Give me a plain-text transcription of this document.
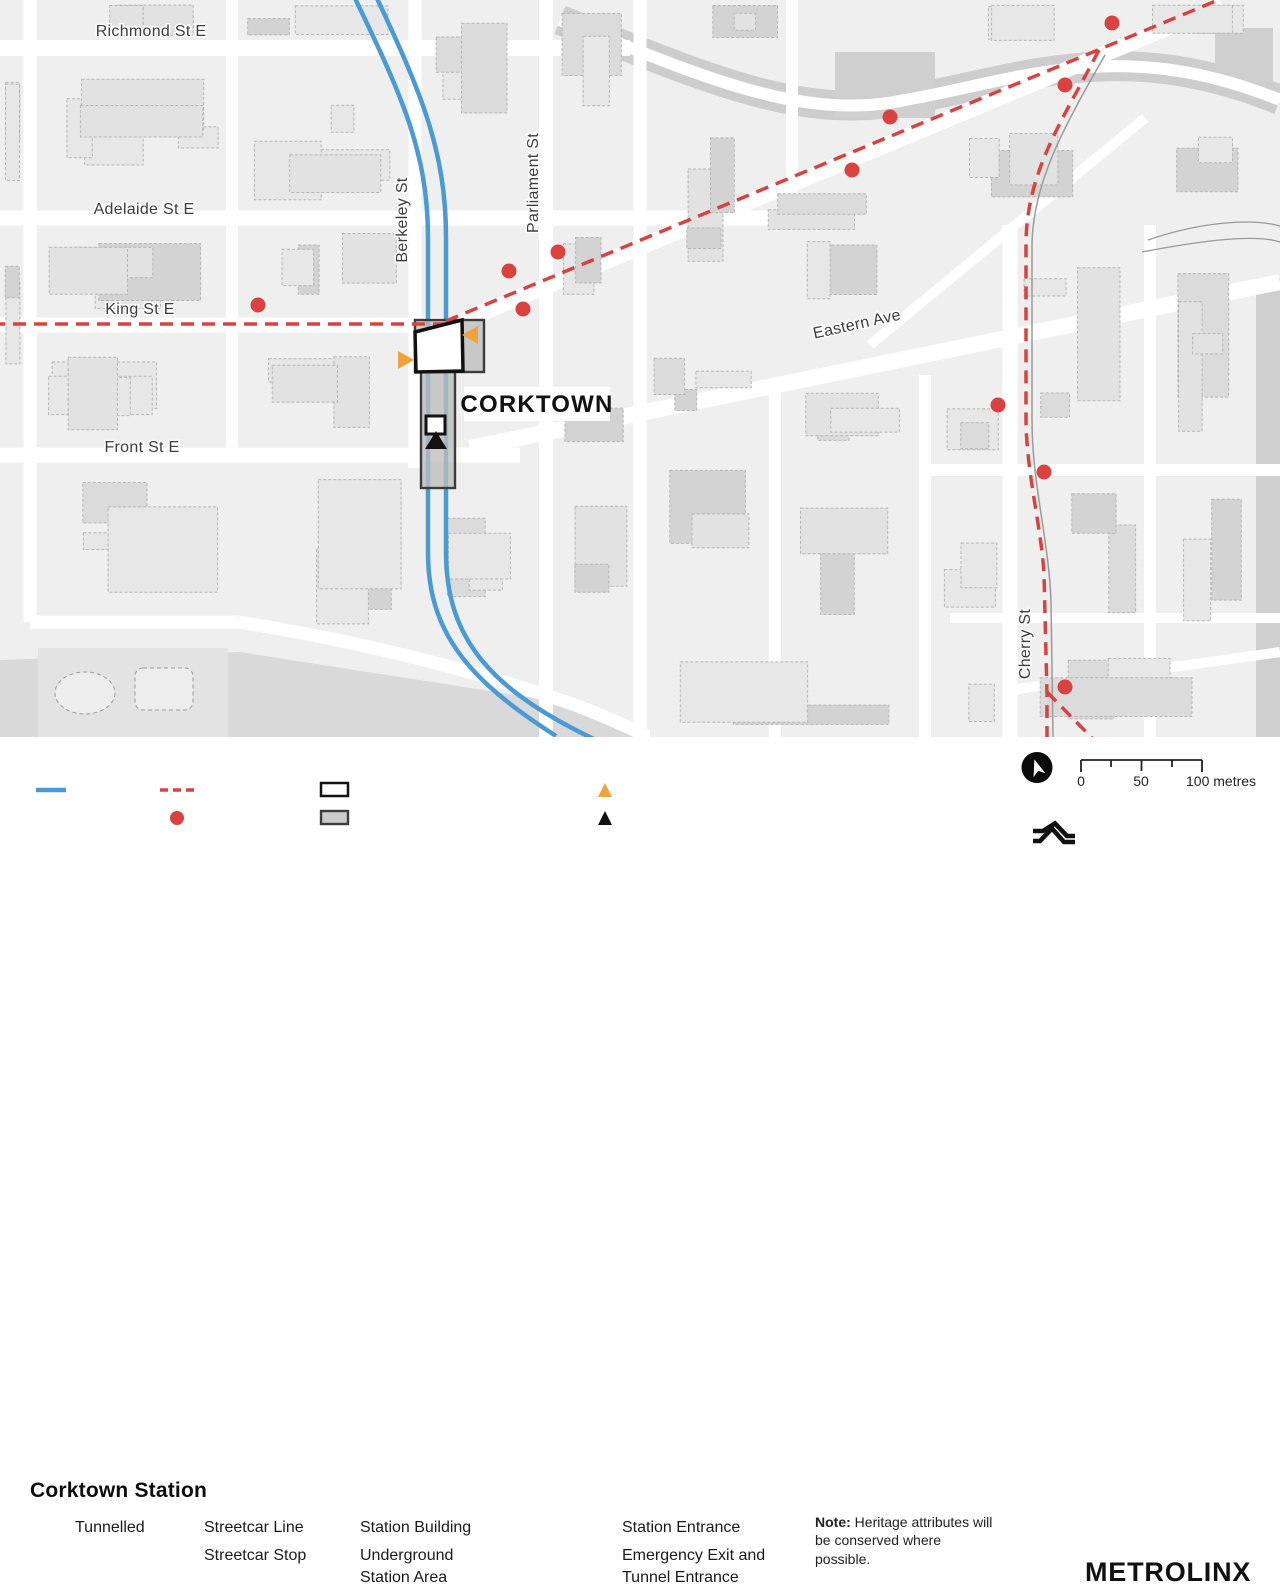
CORKTOWN
Richmond St E
Adelaide St E
King St E
Front St E
Berkeley St	Parliament St
Eastern Ave
Cherry St
0	50	100 metres
Corktown Station
Tunnelled	Streetcar Line
Streetcar Stop
Station Building
Underground
Station Area
Station Entrance
Emergency Exit and
Tunnel Entrance
Note: Heritage attributes will be conserved where possible.	METROLINX
